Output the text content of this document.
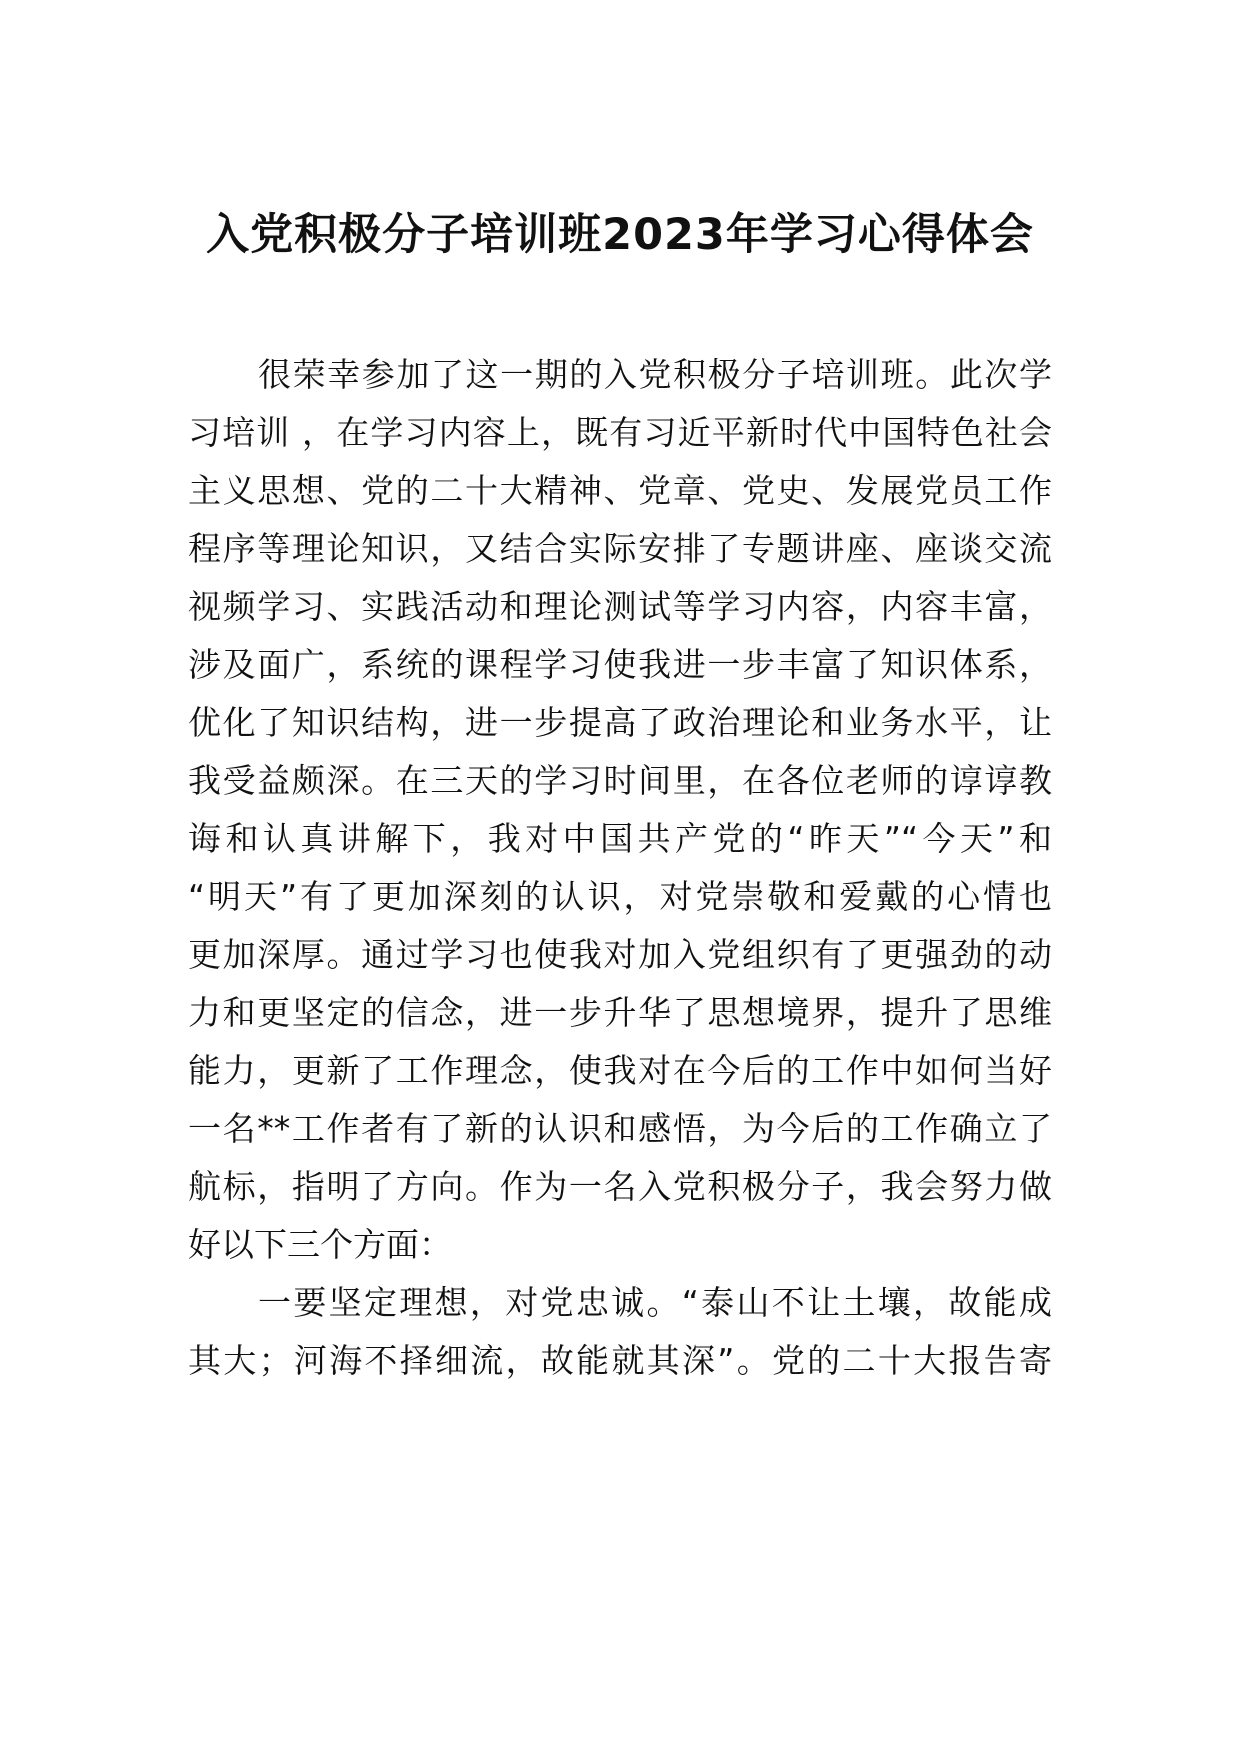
入党积极分子培训班2023年学习心得体会
很荣幸参加了这一期的入党积极分子培训班。此次学
习培训 ，在学习内容上，既有习近平新时代中国特色社会
主义思想、党的二十大精神、党章、党史、发展党员工作
程序等理论知识，又结合实际安排了专题讲座、座谈交流
视频学习、实践活动和理论测试等学习内容，内容丰富，
涉及面广，系统的课程学习使我进一步丰富了知识体系，
优化了知识结构，进一步提高了政治理论和业务水平，让
我受益颇深。在三天的学习时间里，在各位老师的谆谆教
诲和认真讲解下，我对中国共产党的“昨天”“今天”和
“明天”有了更加深刻的认识，对党崇敬和爱戴的心情也
更加深厚。通过学习也使我对加入党组织有了更强劲的动
力和更坚定的信念，进一步升华了思想境界，提升了思维
能力，更新了工作理念，使我对在今后的工作中如何当好
一名**工作者有了新的认识和感悟，为今后的工作确立了
航标，指明了方向。作为一名入党积极分子，我会努力做
好以下三个方面：
一要坚定理想，对党忠诚。“泰山不让土壤，故能成
其大；河海不择细流，故能就其深”。党的二十大报告寄
